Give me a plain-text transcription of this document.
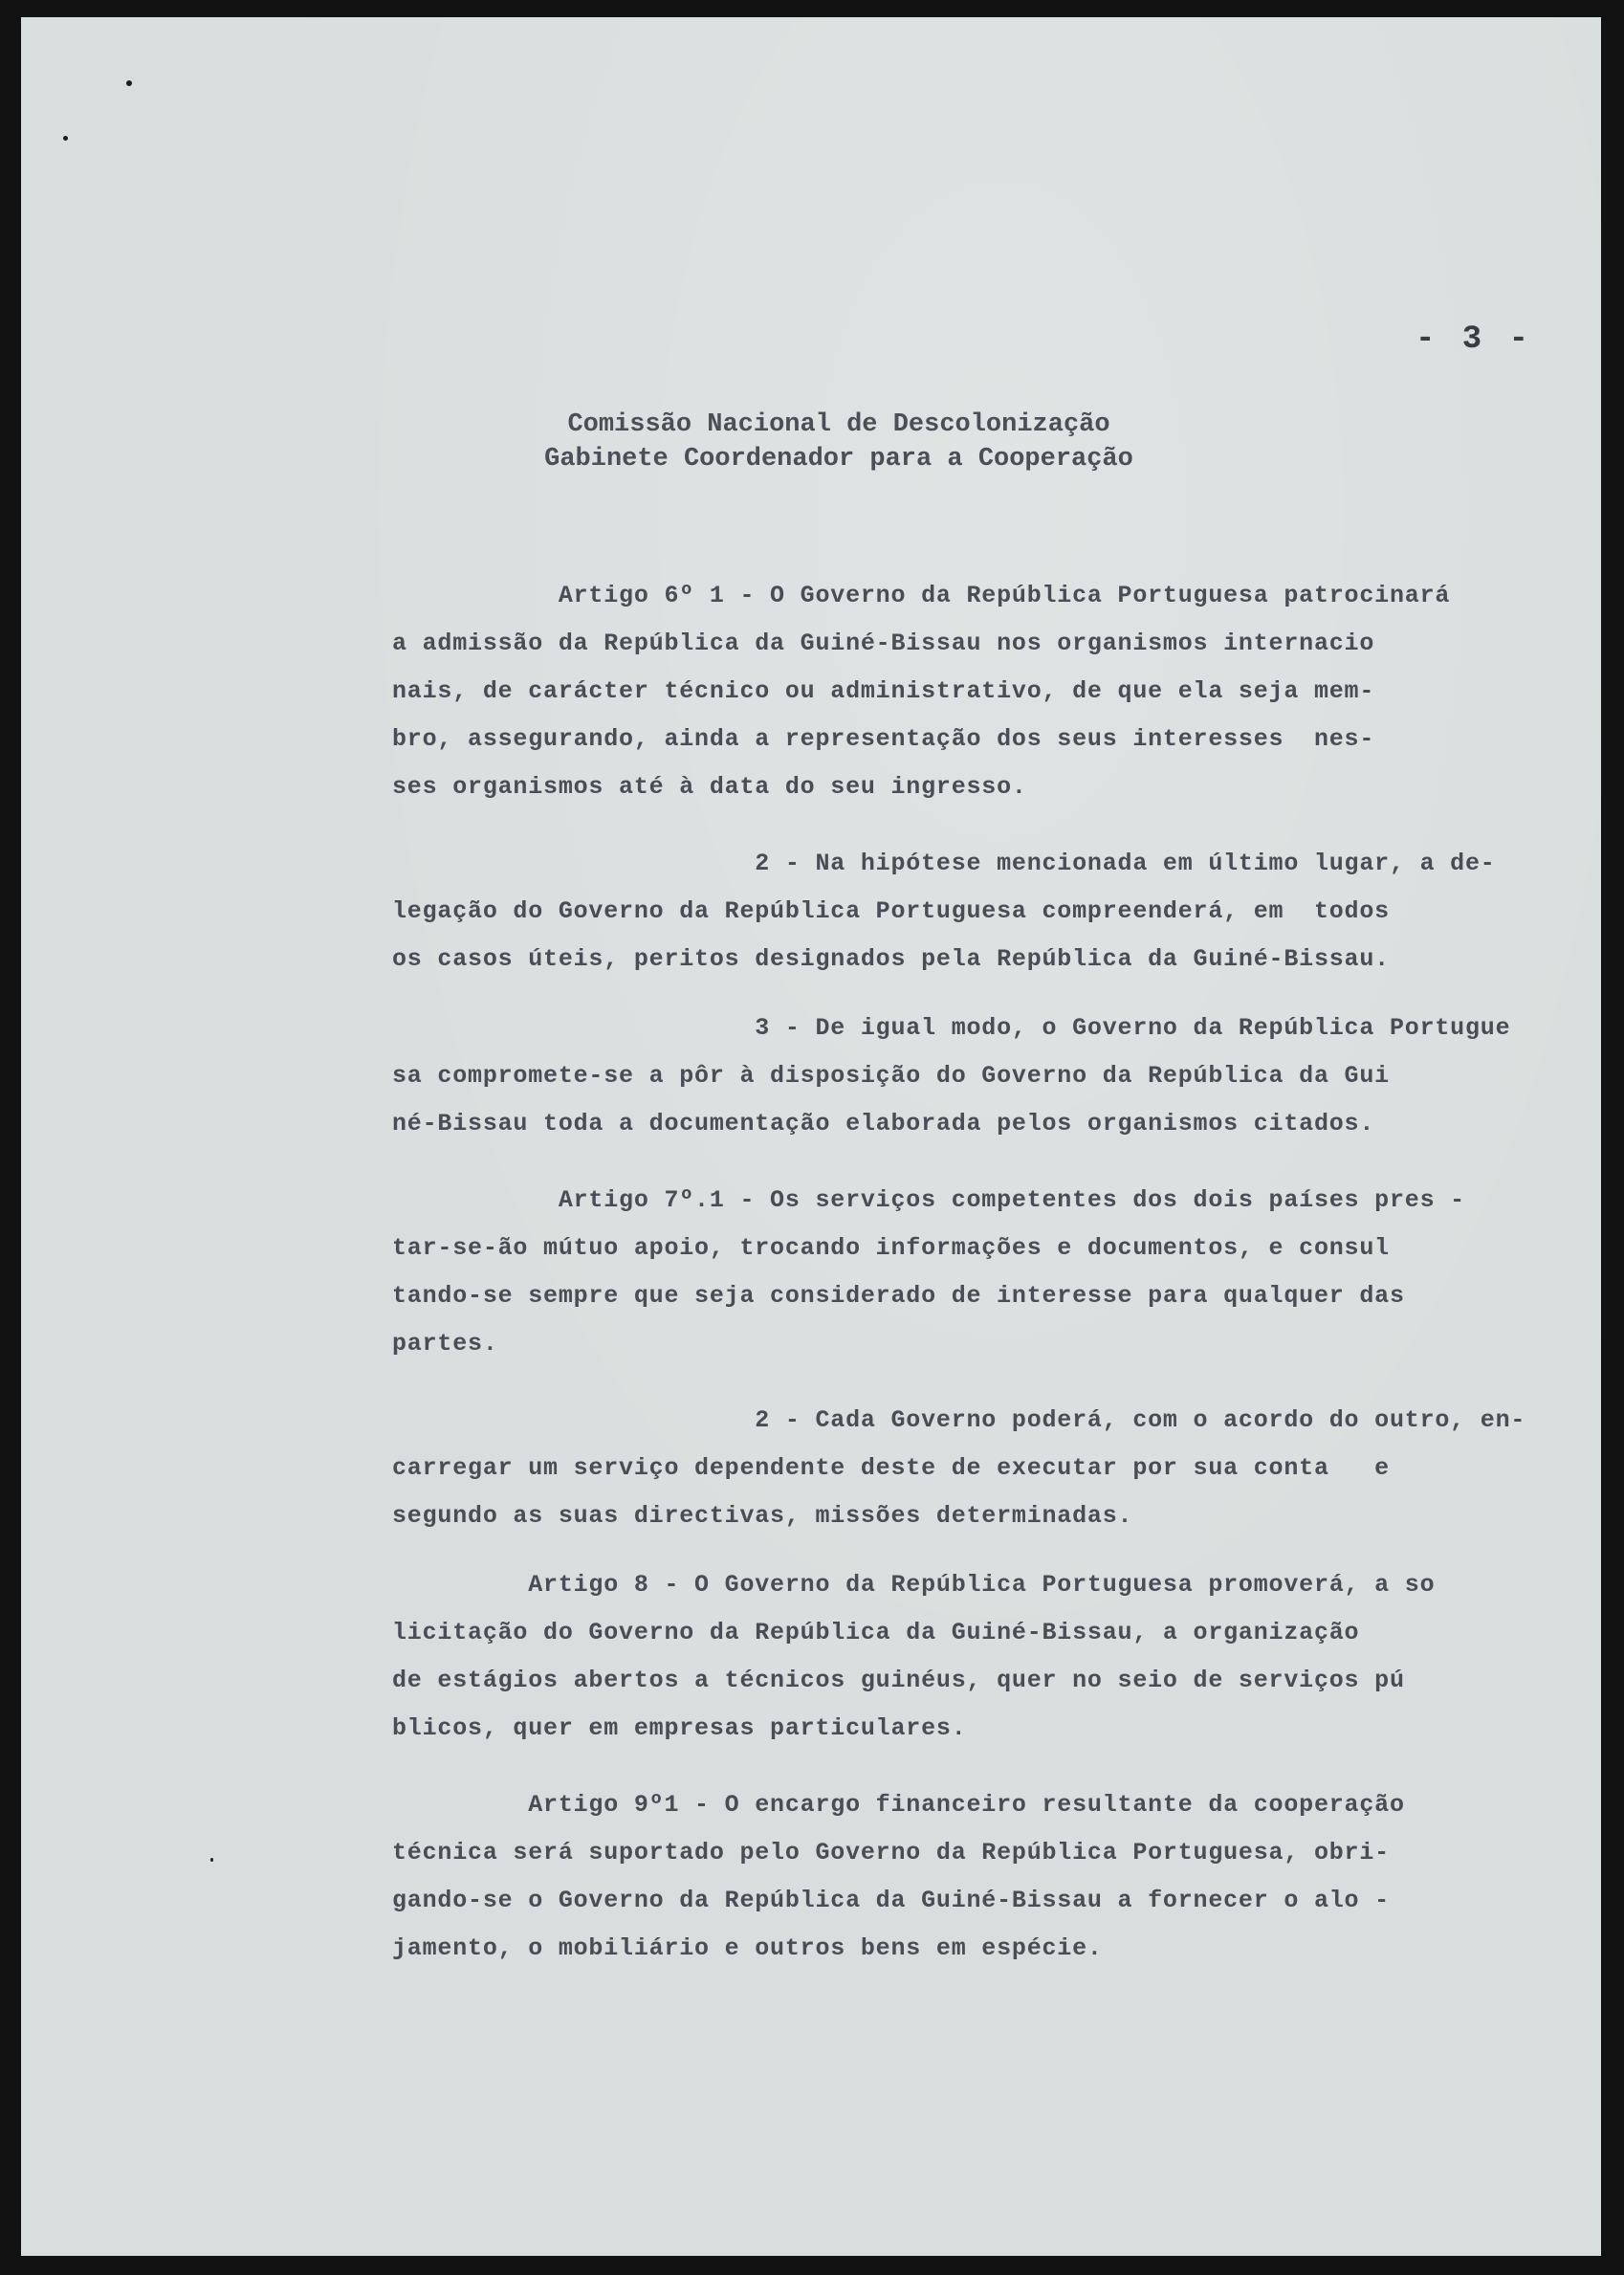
- 3 -
Comissão Nacional de Descolonização
Gabinete Coordenador para a Cooperação
Artigo 6º 1 - O Governo da República Portuguesa patrocinará
a admissão da República da Guiné-Bissau nos organismos internacio
nais, de carácter técnico ou administrativo, de que ela seja mem-
bro, assegurando, ainda a representação dos seus interesses  nes-
ses organismos até à data do seu ingresso.
2 - Na hipótese mencionada em último lugar, a de-
legação do Governo da República Portuguesa compreenderá, em  todos
os casos úteis, peritos designados pela República da Guiné-Bissau.
3 - De igual modo, o Governo da República Portugue
sa compromete-se a pôr à disposição do Governo da República da Gui
né-Bissau toda a documentação elaborada pelos organismos citados.
Artigo 7º.1 - Os serviços competentes dos dois países pres -
tar-se-ão mútuo apoio, trocando informações e documentos, e consul
tando-se sempre que seja considerado de interesse para qualquer das
partes.
2 - Cada Governo poderá, com o acordo do outro, en-
carregar um serviço dependente deste de executar por sua conta   e
segundo as suas directivas, missões determinadas.
Artigo 8 - O Governo da República Portuguesa promoverá, a so
licitação do Governo da República da Guiné-Bissau, a organização
de estágios abertos a técnicos guinéus, quer no seio de serviços pú
blicos, quer em empresas particulares.
Artigo 9º1 - O encargo financeiro resultante da cooperação
técnica será suportado pelo Governo da República Portuguesa, obri-
gando-se o Governo da República da Guiné-Bissau a fornecer o alo -
jamento, o mobiliário e outros bens em espécie.
